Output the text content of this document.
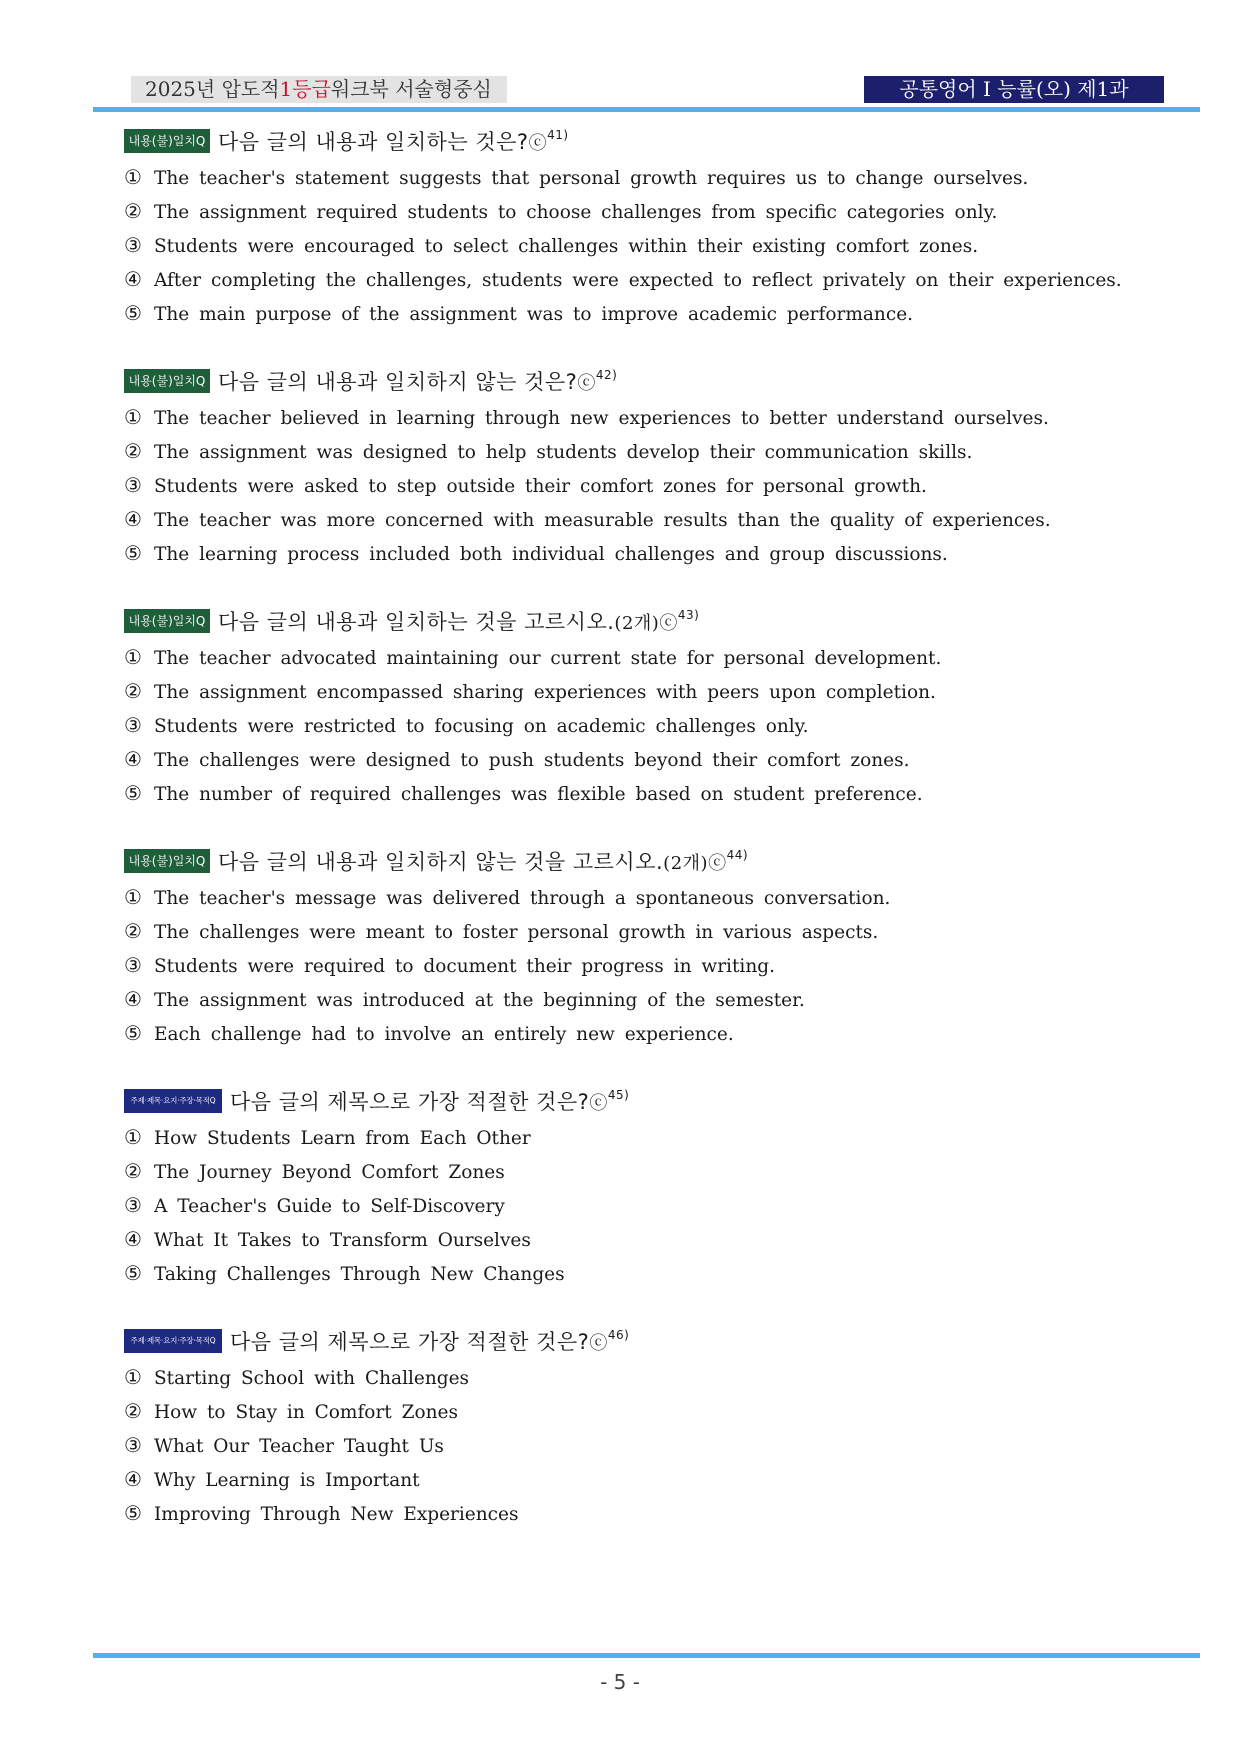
2025년 압도적1등급워크북 서술형중심	공통영어 I 능률(오) 제1과
내용(불)일치Q 다음 글의 내용과 일치하는 것은?ⓒ$^{41)}$
① The teacher's statement suggests that personal growth requires us to change ourselves.
② The assignment required students to choose challenges from specific categories only.
③ Students were encouraged to select challenges within their existing comfort zones.
④ After completing the challenges, students were expected to reflect privately on their experiences.
⑤ The main purpose of the assignment was to improve academic performance.
내용(불)일치Q 다음 글의 내용과 일치하지 않는 것은?ⓒ$^{42)}$
① The teacher believed in learning through new experiences to better understand ourselves.
② The assignment was designed to help students develop their communication skills.
③ Students were asked to step outside their comfort zones for personal growth.
④ The teacher was more concerned with measurable results than the quality of experiences.
⑤ The learning process included both individual challenges and group discussions.
내용(불)일치Q 다음 글의 내용과 일치하는 것을 고르시오.(2개)ⓒ$^{43)}$
① The teacher advocated maintaining our current state for personal development.
② The assignment encompassed sharing experiences with peers upon completion.
③ Students were restricted to focusing on academic challenges only.
④ The challenges were designed to push students beyond their comfort zones.
⑤ The number of required challenges was flexible based on student preference.
내용(불)일치Q 다음 글의 내용과 일치하지 않는 것을 고르시오.(2개)ⓒ$^{44)}$
① The teacher's message was delivered through a spontaneous conversation.
② The challenges were meant to foster personal growth in various aspects.
③ Students were required to document their progress in writing.
④ The assignment was introduced at the beginning of the semester.
⑤ Each challenge had to involve an entirely new experience.
주제·제목·요지·주장·목적Q 다음 글의 제목으로 가장 적절한 것은?ⓒ$^{45)}$
① How Students Learn from Each Other
② The Journey Beyond Comfort Zones
③ A Teacher's Guide to Self-Discovery
④ What It Takes to Transform Ourselves
⑤ Taking Challenges Through New Changes
주제·제목·요지·주장·목적Q 다음 글의 제목으로 가장 적절한 것은?ⓒ$^{46)}$
① Starting School with Challenges
② How to Stay in Comfort Zones
③ What Our Teacher Taught Us
④ Why Learning is Important
⑤ Improving Through New Experiences
- 5 -
